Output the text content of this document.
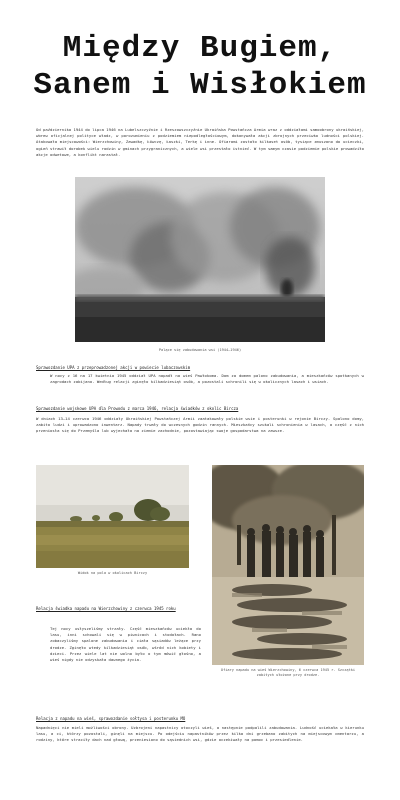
Między Bugiem,
Sanem i Wisłokiem
Od października 1944 do lipca 1946 na Lubelszczyźnie i Rzeszowszczyźnie Ukraińska Powstańcza Armia wraz z oddziałami samoobrony ukraińskiej, wbrew oficjalnej polityce władz, w porozumieniu z podziemiem niepodległościowym, dokonywała akcji zbrojnych przeciwko ludności polskiej. Atakowała miejscowości: Wierzchowiny, Zawadkę, Łówczę, Łaszki, Terkę i inne. Ofiarami zostało kilkaset osób, tysiące zmuszono do ucieczki, ogień strawił dorobek wielu rodzin w gminach przygranicznych, a wiele wsi przestało istnieć. W tym samym czasie podziemie polskie prowadziło akcje odwetowe, a konflikt narastał.
Palące się zabudowania wsi (1944–1946)
Sprawozdanie UPA z przeprowadzonej akcji w powiecie lubaczowskim
W nocy z 16 na 17 kwietnia 1945 oddział UPA napadł na wieś Pawłokoma. Dom za domem palono zabudowania, a mieszkańców spotkanych w zagrodach zabijano. Według relacji zginęło kilkadziesiąt osób, a pozostali schronili się w okolicznych lasach i wsiach.
Sprawozdanie wojskowe UPA dla Prowodu z marca 1946, relacja świadków z okolic Bircza
W dniach 13–14 czerwca 1946 oddziały Ukraińskiej Powstańczej Armii zaatakowały polskie wsie i posterunki w rejonie Birczy. Spalono domy, zabito ludzi i uprowadzono inwentarz. Napady trwały do wczesnych godzin rannych. Mieszkańcy szukali schronienia w lasach, a część z nich przeniosła się do Przemyśla lub wyjechała na ziemie zachodnie, pozostawiając swoje gospodarstwa na zawsze.
Widok na pola w okolicach Birczy
Ofiary napadu na wieś Wierzchowiny, 6 czerwca 1945 r. Szczątki zabitych ułożone przy drodze.
Relacja świadka napadu na Wierzchowiny z czerwca 1945 roku
Tej nocy usłyszeliśmy strzały. Część mieszkańców uciekła do lasu, inni schowali się w piwnicach i stodołach. Rano zobaczyliśmy spalone zabudowania i ciała sąsiadów leżące przy drodze. Zginęło wtedy kilkadziesiąt osób, wśród nich kobiety i dzieci. Przez wiele lat nie wolno było o tym mówić głośno, a wieś nigdy nie odzyskała dawnego życia.
Relacja z napadu na wieś, sprawozdanie sołtysa i posterunku MO
Napadnięci nie mieli możliwości obrony. Uzbrojeni napastnicy otoczyli wieś, a następnie podpalili zabudowania. Ludność uciekała w kierunku lasu, a ci, którzy pozostali, ginęli na miejscu. Po odejściu napastników przez kilka dni grzebano zabitych na miejscowym cmentarzu, a rodziny, które straciły dach nad głową, przeniesiono do sąsiednich wsi, gdzie oczekiwały na pomoc i przesiedlenie.
